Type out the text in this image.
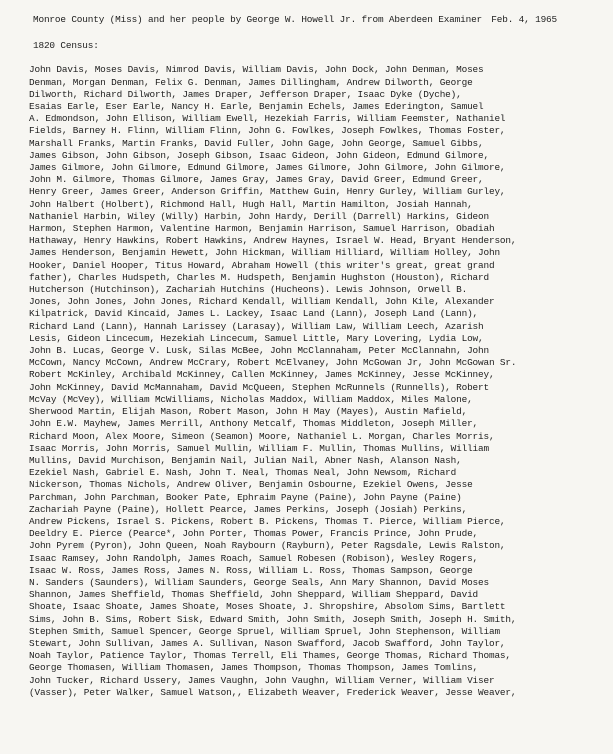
Monroe County (Miss) and her people by George W. Howell Jr. from Aberdeen Examiner Feb. 4, 1965
1820 Census:
John Davis, Moses Davis, Nimrod Davis, William Davis, John Dock, John Denman, Moses
Denman, Morgan Denman, Felix G. Denman, James Dillingham, Andrew Dilworth, George
Dilworth, Richard Dilworth, James Draper, Jefferson Draper, Isaac Dyke (Dyche),
Esaias Earle, Eser Earle, Nancy H. Earle, Benjamin Echels, James Ederington, Samuel
A. Edmondson, John Ellison, William Ewell, Hezekiah Farris, William Feemster, Nathaniel
Fields, Barney H. Flinn, William Flinn, John G. Fowlkes, Joseph Fowlkes, Thomas Foster,
Marshall Franks, Martin Franks, David Fuller, John Gage, John George, Samuel Gibbs,
James Gibson, John Gibson, Joseph Gibson, Isaac Gideon, John Gideon, Edmund Gilmore,
James Gilmore, John Gilmore, Edmund Gilmore, James Gilmore, John Gilmore, John Gilmore,
John M. Gilmore, Thomas Gilmore, James Gray, James Gray, David Greer, Edmund Greer,
Henry Greer, James Greer, Anderson Griffin, Matthew Guin, Henry Gurley, William Gurley,
John Halbert (Holbert), Richmond Hall, Hugh Hall, Martin Hamilton, Josiah Hannah,
Nathaniel Harbin, Wiley (Willy) Harbin, John Hardy, Derill (Darrell) Harkins, Gideon
Harmon, Stephen Harmon, Valentine Harmon, Benjamin Harrison, Samuel Harrison, Obadiah
Hathaway, Henry Hawkins, Robert Hawkins, Andrew Haynes, Israel W. Head, Bryant Henderson,
James Henderson, Benjamin Hewett, John Hickman, William Hilliard, William Holley, John
Hooker, Daniel Hooper, Titus Howard, Abraham Howell (this writer's great, great grand
father), Charles Hudspeth, Charles M. Hudspeth, Benjamin Hughston (Houston), Richard
Hutcherson (Hutchinson), Zachariah Hutchins (Hucheons). Lewis Johnson, Orwell B.
Jones, John Jones, John Jones, Richard Kendall, William Kendall, John Kile, Alexander
Kilpatrick, David Kincaid, James L. Lackey, Isaac Land (Lann), Joseph Land (Lann),
Richard Land (Lann), Hannah Larissey (Larasay), William Law, William Leech, Azarish
Lesis, Gideon Lincecum, Hezekiah Lincecum, Samuel Little, Mary Lovering, Lydia Low,
John B. Lucas, George V. Lusk, Silas McBee, John McClannaham, Peter McClannahn, John
McCown, Nancy McCown, Andrew McCrary, Robert McElvaney, John McGowan Jr, John McGowan Sr.
Robert McKinley, Archibald McKinney, Callen McKinney, James McKinney, Jesse McKinney,
John McKinney, David McMannaham, David McQueen, Stephen McRunnels (Runnells), Robert
McVay (McVey), William McWilliams, Nicholas Maddox, William Maddox, Miles Malone,
Sherwood Martin, Elijah Mason, Robert Mason, John H May (Mayes), Austin Mafield,
John E.W. Mayhew, James Merrill, Anthony Metcalf, Thomas Middleton, Joseph Miller,
Richard Moon, Alex Moore, Simeon (Seamon) Moore, Nathaniel L. Morgan, Charles Morris,
Isaac Morris, John Morris, Samuel Mullin, William F. Mullin, Thomas Mullins, William
Mullins, David Murchison, Benjamin Nail, Julian Nail, Abner Nash, Alanson Nash,
Ezekiel Nash, Gabriel E. Nash, John T. Neal, Thomas Neal, John Newsom, Richard
Nickerson, Thomas Nichols, Andrew Oliver, Benjamin Osbourne, Ezekiel Owens, Jesse
Parchman, John Parchman, Booker Pate, Ephraim Payne (Paine), John Payne (Paine)
Zachariah Payne (Paine), Hollett Pearce, James Perkins, Joseph (Josiah) Perkins,
Andrew Pickens, Israel S. Pickens, Robert B. Pickens, Thomas T. Pierce, William Pierce,
Deeldry E. Pierce (Pearce*, John Porter, Thomas Power, Francis Prince, John Prude,
John Pyrem (Pyron), John Queen, Noah Raybourn (Rayburn), Peter Ragsdale, Lewis Ralston,
Isaac Ramsey, John Randolph, James Roach, Samuel Robesen (Robison), Wesley Rogers,
Isaac W. Ross, James Ross, James N. Ross, William L. Ross, Thomas Sampson, George
N. Sanders (Saunders), William Saunders, George Seals, Ann Mary Shannon, David Moses
Shannon, James Sheffield, Thomas Sheffield, John Sheppard, William Sheppard, David
Shoate, Isaac Shoate, James Shoate, Moses Shoate, J. Shropshire, Absolom Sims, Bartlett
Sims, John B. Sims, Robert Sisk, Edward Smith, John Smith, Joseph Smith, Joseph H. Smith,
Stephen Smith, Samuel Spencer, George Spruel, William Spruel, John Stephenson, William
Stewart, John Sullivan, James A. Sullivan, Nason Swafford, Jacob Swafford, John Taylor,
Noah Taylor, Patience Taylor, Thomas Terrell, Eli Thames, George Thomas, Richard Thomas,
George Thomasen, William Thomasen, James Thompson, Thomas Thompson, James Tomlins,
John Tucker, Richard Ussery, James Vaughn, John Vaughn, William Verner, William Viser
(Vasser), Peter Walker, Samuel Watson,, Elizabeth Weaver, Frederick Weaver, Jesse Weaver,
